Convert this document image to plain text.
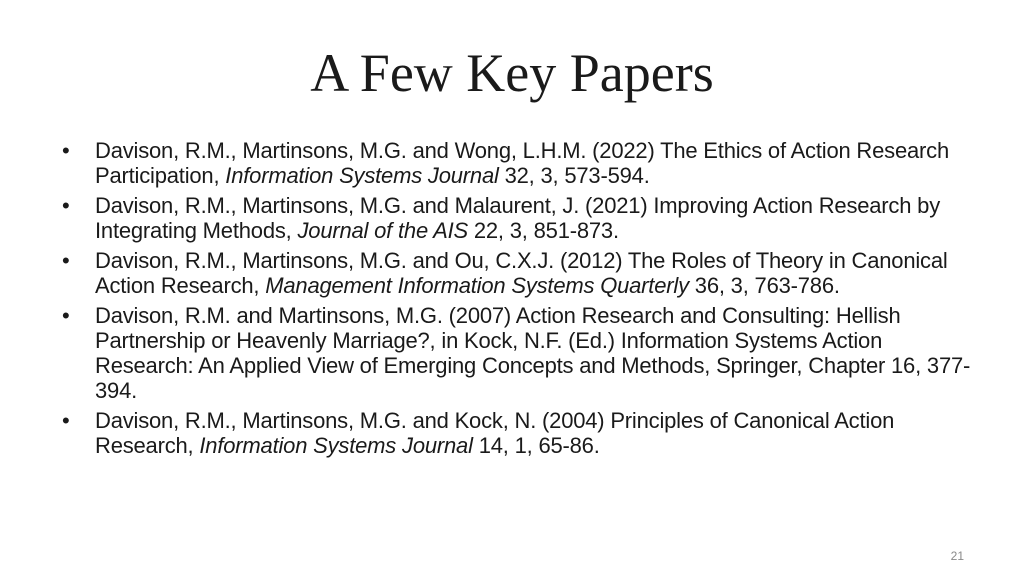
A Few Key Papers
•	Davison, R.M., Martinsons, M.G. and Wong, L.H.M. (2022) The Ethics of Action Research Participation, Information Systems Journal 32, 3, 573-594.
•	Davison, R.M., Martinsons, M.G. and Malaurent, J. (2021) Improving Action Research by Integrating Methods, Journal of the AIS 22, 3, 851-873.
•	Davison, R.M., Martinsons, M.G. and Ou, C.X.J. (2012) The Roles of Theory in Canonical Action Research, Management Information Systems Quarterly 36, 3, 763-786.
•	Davison, R.M. and Martinsons, M.G. (2007) Action Research and Consulting: Hellish Partnership or Heavenly Marriage?, in Kock, N.F. (Ed.) Information Systems Action Research: An Applied View of Emerging Concepts and Methods, Springer, Chapter 16, 377-394.
•	Davison, R.M., Martinsons, M.G. and Kock, N. (2004) Principles of Canonical Action Research, Information Systems Journal 14, 1, 65-86.
21
